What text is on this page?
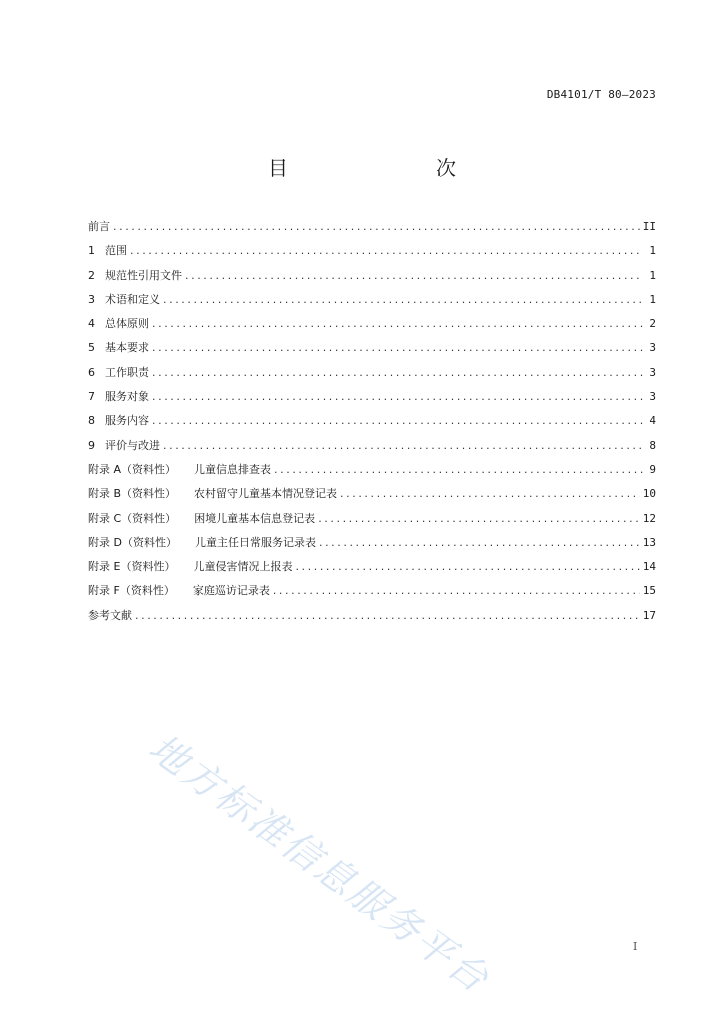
DB4101/T 80—2023
目　　次
前言 .....	II
1 范围 .....	1
2 规范性引用文件 .....	1
3 术语和定义 .....	1
4 总体原则 .....	2
5 基本要求 .....	3
6 工作职责 .....	3
7 服务对象 .....	3
8 服务内容 .....	4
9 评价与改进 .....	8
附录 A（资料性） 儿童信息排查表 .....	9
附录 B（资料性） 农村留守儿童基本情况登记表 .....	10
附录 C（资料性） 困境儿童基本信息登记表 .....	12
附录 D（资料性） 儿童主任日常服务记录表 .....	13
附录 E（资料性） 儿童侵害情况上报表 .....	14
附录 F（资料性） 家庭巡访记录表 .....	15
参考文献 .....	17
地方标准信息服务平台	I
